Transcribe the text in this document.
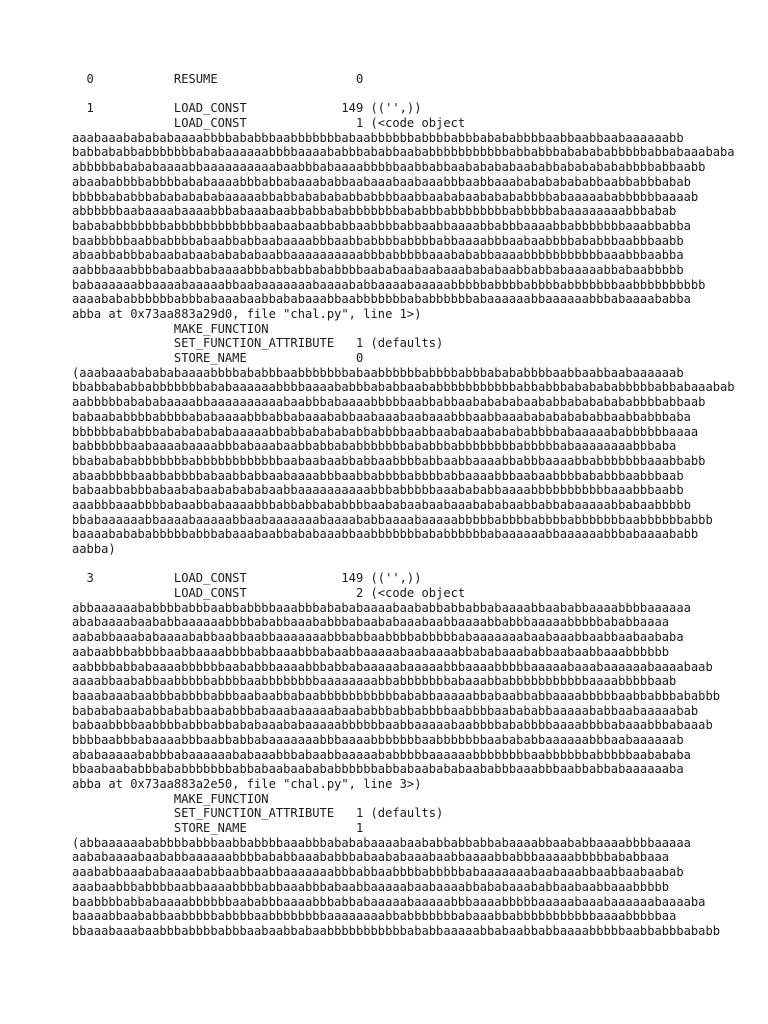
0           RESUME                   0
1           LOAD_CONST             149 (('',))
LOAD_CONST               1 (<code object
aaabaaababababaaaabbbbababbbaabbbbbbbabaabbbbbbabbbbabbbabababbbbaabbaabbaabaaaaaabb
babbababbabbbbbbbababaaaaaabbbbaaaababbbababbaababbbbbbbbbbbabbabbbababababbbbbabbabaaababa
abbbbbabababaaaabbaaaaaaaaaabaabbbabaaaabbbbbaabbabbaababababaababbabababababbbbabbaabb
abaababbbbabbbbababaaaabbbabbabaaababbaabaaabaabaaabbbaabbaaababababababbaabbabbbabab
bbbbbababbbabababababaaaaabbabbababababbabbbbaabbaababaababababbbbabaaaaababbbbbbaaaab
abbbbbbaabaaaabaaaabbbabaaabaabbabbababbbbbbbababbbabbbbbbbbabbbbbabaaaaaaaabbbabab
babababbbbbbbabbbbbbbbbbbbaabaabaabbabbaabbbbabbaabbaaaabbabbbaaaabbabbbbbbbaaabbabba
baabbbbbaabbabbbbabaabbabbaabaaaabbbaabbabbbbabbbbabbaaaabbbaabaabbbbababbbaabbbaabb
abaabbabbbabaababaababababaabbaaaaaaaaaabbbabbbbbaaabababbaaaabbbbbbbbbbbaaabbbaabba
aabbbaaabbbbabaabbabaaaabbbabbabbababbbbaababaabaabaaabababaabbabbabaaaaabbabaabbbbb
babaaaaaabbaaaabaaaaabbaabaaaaaaabaaaababbaaaabaaaaabbbbbabbbbabbbbabbbbbbbaabbbbbbbbbb
aaaabababbbbbbabbbabaaabaabbababaaabbaabbbbbbbababbbbbbabaaaaaabbaaaaaabbbabaaaababba
abba at 0x73aa883a29d0, file "chal.py", line 1>)
MAKE_FUNCTION
SET_FUNCTION_ATTRIBUTE   1 (defaults)
STORE_NAME               0
(aaabaaababababaaaabbbbababbbaabbbbbbbabaabbbbbbabbbbabbbabababbbbaabbaabbaabaaaaaab
bbabbababbabbbbbbbababaaaaaabbbbaaaababbbababbaababbbbbbbbbbbabbabbbababababbbbbabbabaaabab
aabbbbbabababaaaabbaaaaaaaaaabaabbbabaaaabbbbbaabbabbaababababaababbabababababbbbabbaab
babaababbbbabbbbababaaaabbbabbabaaababbaabaaabaabaaabbbaabbaaababababababbaabbabbbaba
bbbbbbababbbabababababaaaaabbabbababababbabbbbaabbaababaababababbbbabaaaaababbbbbbaaaa
babbbbbbaabaaaabaaaabbbabaaabaabbabbababbbbbbbababbbabbbbbbbbabbbbbabaaaaaaaabbbaba
bbababababbbbbbbabbbbbbbbbbbbaabaabaabbabbaabbbbabbaabbaaaabbabbbaaaabbabbbbbbbaaabbabb
abaabbbbbaabbabbbbabaabbabbaabaaaabbbaabbabbbbabbbbabbaaaabbbaabaabbbbababbbaabbbaab
babaabbabbbabaababaababababaabbaaaaaaaaaabbbabbbbbaaabababbaaaabbbbbbbbbbbaaabbbaabb
aaabbbaaabbbbabaabbabaaaabbbabbabbababbbbaababaabaabaaabababaabbabbabaaaaabbabaabbbbb
bbabaaaaaabbaaaabaaaaabbaabaaaaaaabaaaababbaaaabaaaaabbbbbabbbbabbbbabbbbbbbaabbbbbbabbb
baaaababababbbbbabbbabaaabaabbababaaabbaabbbbbbbababbbbbbabaaaaaabbaaaaaabbbabaaaababb
aabba)
3           LOAD_CONST             149 (('',))
LOAD_CONST               2 (<code object
abbaaaaaababbbbabbbaabbabbbbaaabbbabababaaaabaababbabbabbabaaaabbaababbaaaabbbbaaaaaa
ababaaaabaababbaaaaaabbbbababbaaababbbabaababaaabaabbaaaabbabbbaaaaabbbbbababbaaaa
aababbaaababaaaababbaabbaabbaaaaaaabbbabbaabbbbabbbbbabaaaaaaabaabaaabbaabbaabaababa
aabaabbbabbbbaabbaaaabbbbabbaaabbbabaabbaaaaabaabaaaabbababaaababbaabaabbaaabbbbbb
aabbbbabbabaaaabbbbbbaababbbaaaabbbabbabaaaaabaaaaabbbaaaabbbbbaaaaabaaabaaaaaabaaaabaab
aaaabbaababbaabbbbbabbbbaabbbbbbbbaaaaaaaabbabbbbbbbabaaabbabbbbbbbbbbbaaaabbbbbaab
baaabaaabaabbbabbbbabbbaabaabbabaabbbbbbbbbbbababbaaaaabbabaabbabbaaaabbbbbaabbabbbababbb
babababaababbababbaababbbabaaabaaaaabaababbbabbabbbbaabbbbaabababbaaaaababbaabaaaaabab
babaabbbbaabbbbabbbabbababaaababaaaaabbbbbbaabbaaaaabaabbbbababbbbaaaabbbbabaaabbbabaaab
bbbbaabbbabaaaabbbaabbabbabaaaaaaabbbaaaabbbbbbbaabbbbbbbaabababbaaaaaabbbaabaaaaaab
ababaaaaababbbabaaaaaababaaabbbabaabbaaaaababbbbbaaaaaabbbbbbbbaabbbbbbabbbbbaabababa
bbaabaababbbababbbbbbbabbabaabaabababbbbbbabbabaabababaababbbaaabbbaabbabbabaaaaaaba
abba at 0x73aa883a2e50, file "chal.py", line 3>)
MAKE_FUNCTION
SET_FUNCTION_ATTRIBUTE   1 (defaults)
STORE_NAME               1
(abbaaaaaababbbbabbbaabbabbbbaaabbbabababaaaabaababbabbabbabaaaabbaababbaaaabbbbaaaaa
aababaaaabaababbaaaaaabbbbababbaaababbbabaababaaabaabbaaaabbabbbaaaaabbbbbababbaaa
aaababbaaababaaaababbaabbaabbaaaaaaabbbabbaabbbbabbbbbabaaaaaaabaabaaabbaabbaabaabab
aaabaabbbabbbbaabbaaaabbbbabbaaabbbabaabbaaaaabaabaaaabbababaaababbaabaabbaaabbbbb
baabbbbabbabaaaabbbbbbaababbbaaaabbbabbabaaaaabaaaaabbbaaaabbbbbaaaaabaaabaaaaaabaaaaba
baaaabbaababbaabbbbbabbbbaabbbbbbbbaaaaaaaabbabbbbbbbabaaabbabbbbbbbbbbbaaaabbbbbaa
bbaaabaaabaabbbabbbbabbbaabaabbabaabbbbbbbbbbbababbaaaaabbabaabbabbaaaabbbbbaabbabbbababb
